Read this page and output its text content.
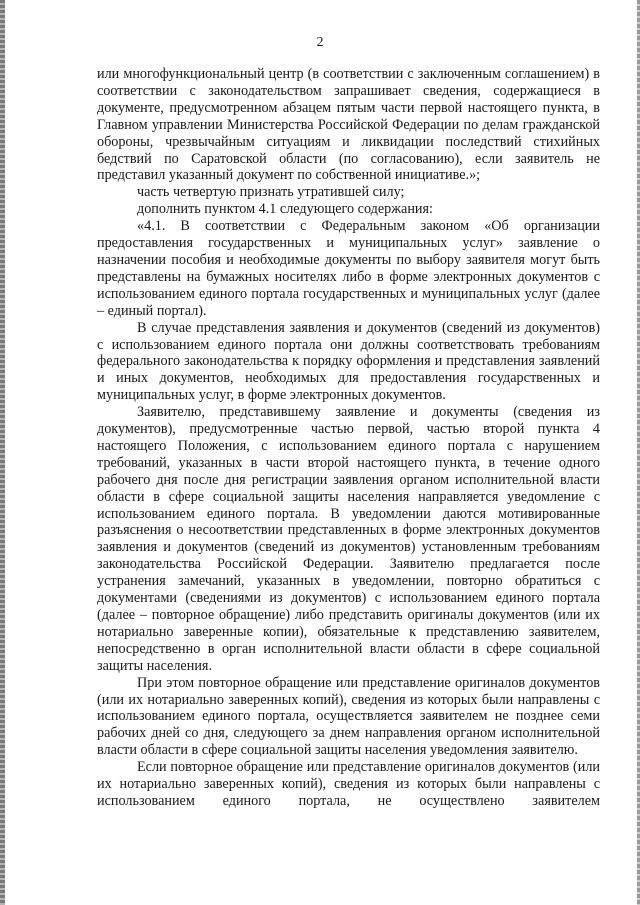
2

или многофункциональный центр (в соответствии с заключенным соглашением) в соответствии с законодательством запрашивает сведения, содержащиеся в документе, предусмотренном абзацем пятым части первой настоящего пункта, в Главном управлении Министерства Российской Федерации по делам гражданской обороны, чрезвычайным ситуациям и ликвидации последствий стихийных бедствий по Саратовской области (по согласованию), если заявитель не представил указанный документ по собственной инициативе.»;

часть четвертую признать утратившей силу;

дополнить пунктом 4.1 следующего содержания:

«4.1. В соответствии с Федеральным законом «Об организации предоставления государственных и муниципальных услуг» заявление о назначении пособия и необходимые документы по выбору заявителя могут быть представлены на бумажных носителях либо в форме электронных документов с использованием единого портала государственных и муниципальных услуг (далее – единый портал).

В случае представления заявления и документов (сведений из документов) с использованием единого портала они должны соответствовать требованиям федерального законодательства к порядку оформления и представления заявлений и иных документов, необходимых для предоставления государственных и муниципальных услуг, в форме электронных документов.

Заявителю, представившему заявление и документы (сведения из документов), предусмотренные частью первой, частью второй пункта 4 настоящего Положения, с использованием единого портала с нарушением требований, указанных в части второй настоящего пункта, в течение одного рабочего дня после дня регистрации заявления органом исполнительной власти области в сфере социальной защиты населения направляется уведомление с использованием единого портала. В уведомлении даются мотивированные разъяснения о несоответствии представленных в форме электронных документов заявления и документов (сведений из документов) установленным требованиям законодательства Российской Федерации. Заявителю предлагается после устранения замечаний, указанных в уведомлении, повторно обратиться с документами (сведениями из документов) с использованием единого портала (далее – повторное обращение) либо представить оригиналы документов (или их нотариально заверенные копии), обязательные к представлению заявителем, непосредственно в орган исполнительной власти области в сфере социальной защиты населения.

При этом повторное обращение или представление оригиналов документов (или их нотариально заверенных копий), сведения из которых были направлены с использованием единого портала, осуществляется заявителем не позднее семи рабочих дней со дня, следующего за днем направления органом исполнительной власти области в сфере социальной защиты населения уведомления заявителю.

Если повторное обращение или представление оригиналов документов (или их нотариально заверенных копий), сведения из которых были направлены с использованием единого портала, не осуществлено заявителем
